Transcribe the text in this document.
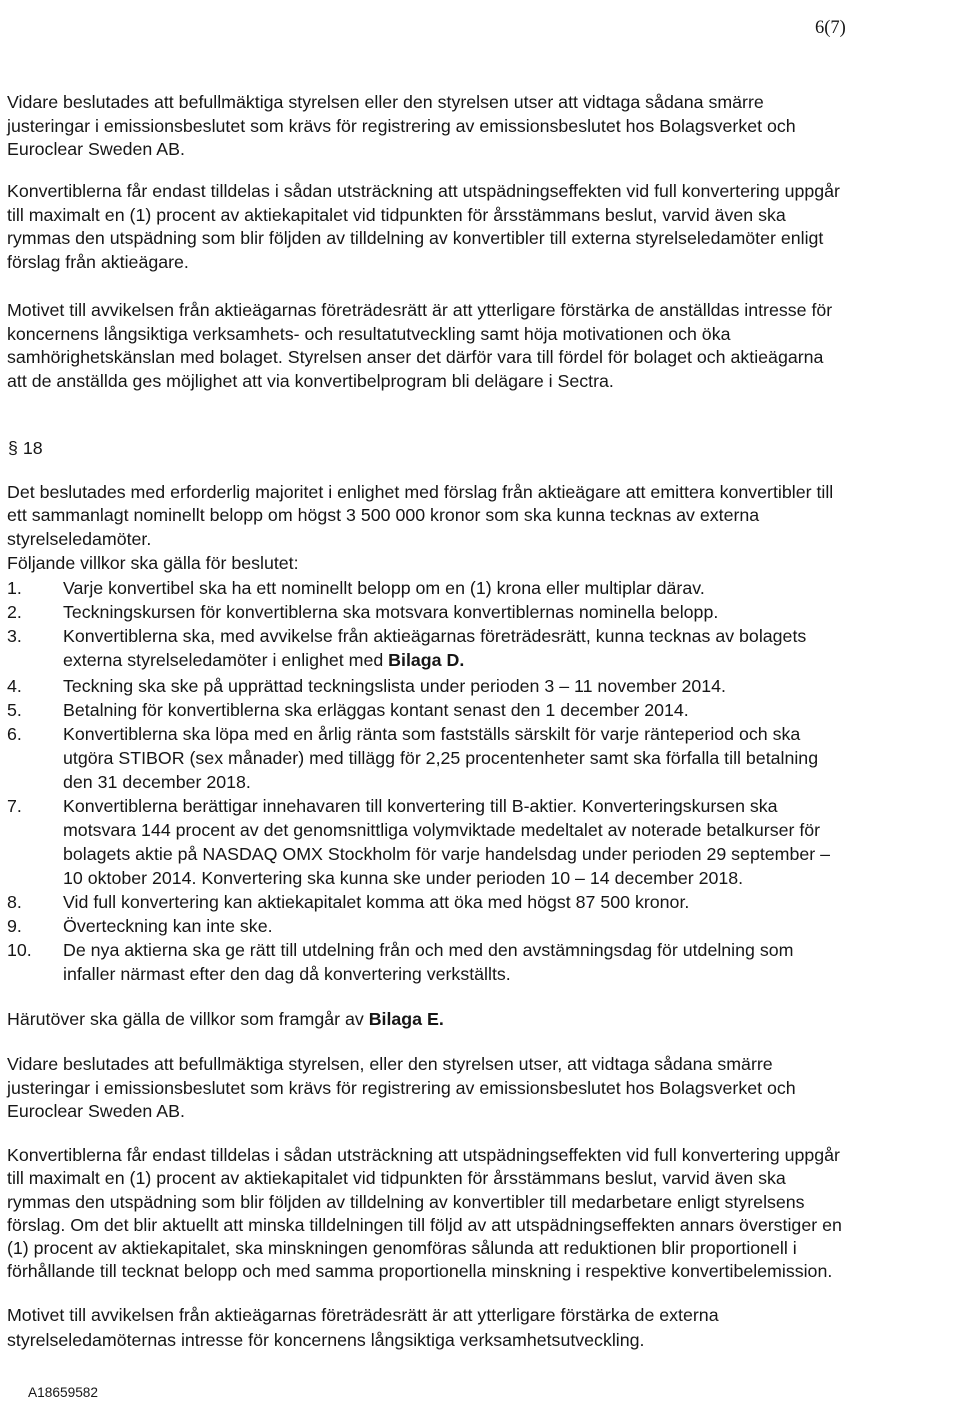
6(7)
Vidare beslutades att befullmäktiga styrelsen eller den styrelsen utser att vidtaga sådana smärre
justeringar i emissionsbeslutet som krävs för registrering av emissionsbeslutet hos Bolagsverket och
Euroclear Sweden AB.
Konvertiblerna får endast tilldelas i sådan utsträckning att utspädningseffekten vid full konvertering uppgår
till maximalt en (1) procent av aktiekapitalet vid tidpunkten för årsstämmans beslut, varvid även ska
rymmas den utspädning som blir följden av tilldelning av konvertibler till externa styrelseledamöter enligt
förslag från aktieägare.
Motivet till avvikelsen från aktieägarnas företrädesrätt är att ytterligare förstärka de anställdas intresse för
koncernens långsiktiga verksamhets- och resultatutveckling samt höja motivationen och öka
samhörighetskänslan med bolaget. Styrelsen anser det därför vara till fördel för bolaget och aktieägarna
att de anställda ges möjlighet att via konvertibelprogram bli delägare i Sectra.
§ 18
Det beslutades med erforderlig majoritet i enlighet med förslag från aktieägare att emittera konvertibler till
ett sammanlagt nominellt belopp om högst 3 500 000 kronor som ska kunna tecknas av externa
styrelseledamöter.
Följande villkor ska gälla för beslutet:
1.	Varje konvertibel ska ha ett nominellt belopp om en (1) krona eller multiplar därav.
2.	Teckningskursen för konvertiblerna ska motsvara konvertiblernas nominella belopp.
3.	Konvertiblerna ska, med avvikelse från aktieägarnas företrädesrätt, kunna tecknas av bolagets
externa styrelseledamöter i enlighet med Bilaga D.
4.	Teckning ska ske på upprättad teckningslista under perioden 3 – 11 november 2014.
5.	Betalning för konvertiblerna ska erläggas kontant senast den 1 december 2014.
6.	Konvertiblerna ska löpa med en årlig ränta som fastställs särskilt för varje ränteperiod och ska
utgöra STIBOR (sex månader) med tillägg för 2,25 procentenheter samt ska förfalla till betalning
den 31 december 2018.
7.	Konvertiblerna berättigar innehavaren till konvertering till B-aktier. Konverteringskursen ska
motsvara 144 procent av det genomsnittliga volymviktade medeltalet av noterade betalkurser för
bolagets aktie på NASDAQ OMX Stockholm för varje handelsdag under perioden 29 september –
10 oktober 2014. Konvertering ska kunna ske under perioden 10 – 14 december 2018.
8.	Vid full konvertering kan aktiekapitalet komma att öka med högst 87 500 kronor.
9.	Överteckning kan inte ske.
10.	De nya aktierna ska ge rätt till utdelning från och med den avstämningsdag för utdelning som
infaller närmast efter den dag då konvertering verkställts.
Härutöver ska gälla de villkor som framgår av Bilaga E.
Vidare beslutades att befullmäktiga styrelsen, eller den styrelsen utser, att vidtaga sådana smärre
justeringar i emissionsbeslutet som krävs för registrering av emissionsbeslutet hos Bolagsverket och
Euroclear Sweden AB.
Konvertiblerna får endast tilldelas i sådan utsträckning att utspädningseffekten vid full konvertering uppgår
till maximalt en (1) procent av aktiekapitalet vid tidpunkten för årsstämmans beslut, varvid även ska
rymmas den utspädning som blir följden av tilldelning av konvertibler till medarbetare enligt styrelsens
förslag. Om det blir aktuellt att minska tilldelningen till följd av att utspädningseffekten annars överstiger en
(1) procent av aktiekapitalet, ska minskningen genomföras sålunda att reduktionen blir proportionell i
förhållande till tecknat belopp och med samma proportionella minskning i respektive konvertibelemission.
Motivet till avvikelsen från aktieägarnas företrädesrätt är att ytterligare förstärka de externa
styrelseledamöternas intresse för koncernens långsiktiga verksamhetsutveckling.
A18659582
